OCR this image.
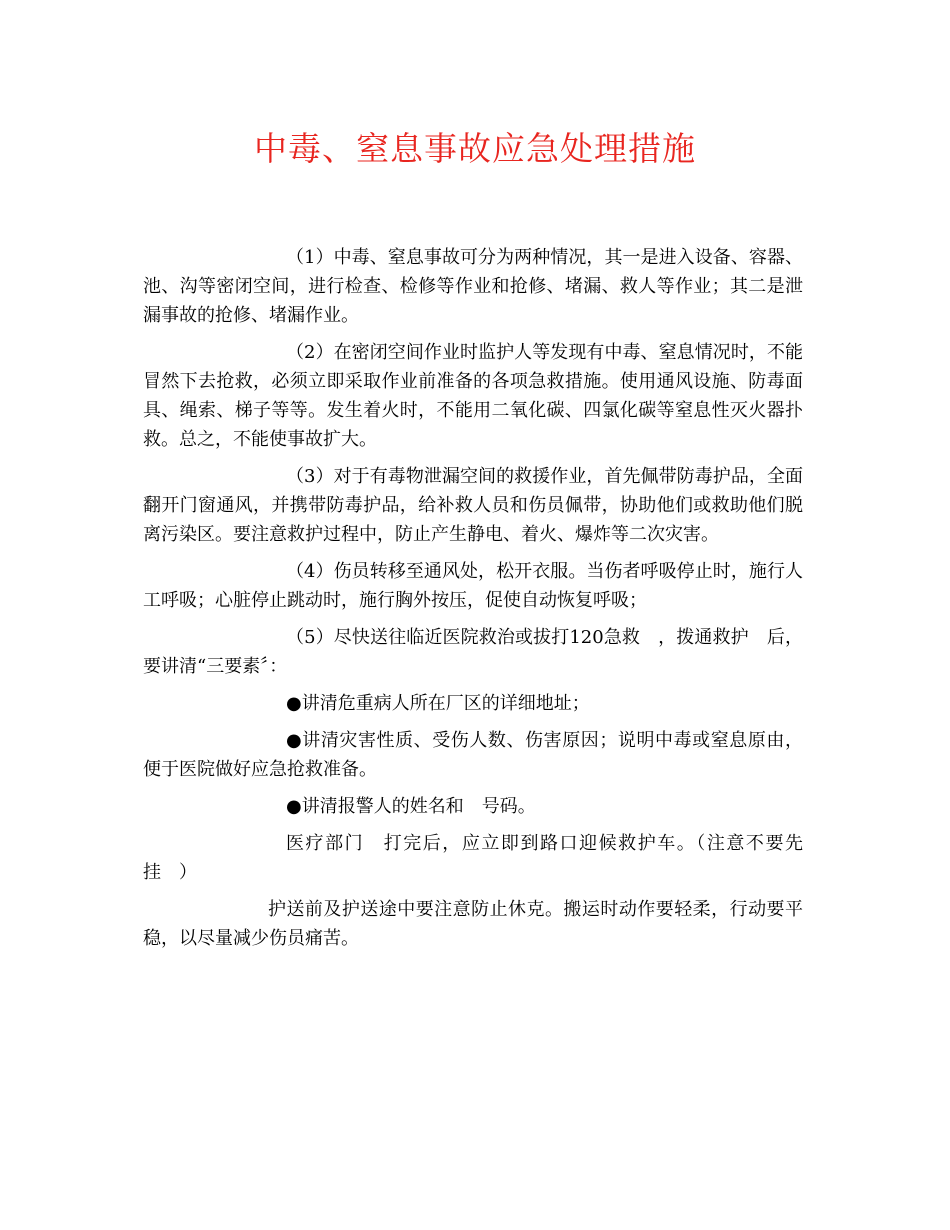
中毒、窒息事故应急处理措施

（1）中毒、窒息事故可分为两种情况，其一是进入设备、容器、池、沟等密闭空间，进行检查、检修等作业和抢修、堵漏、救人等作业；其二是泄漏事故的抢修、堵漏作业。

（2）在密闭空间作业时监护人等发现有中毒、窒息情况时，不能冒然下去抢救，必须立即采取作业前准备的各项急救措施。使用通风设施、防毒面具、绳索、梯子等等。发生着火时，不能用二氧化碳、四氯化碳等窒息性灭火器扑救。总之，不能使事故扩大。

（3）对于有毒物泄漏空间的救援作业，首先佩带防毒护品，全面翻开门窗通风，并携带防毒护品，给补救人员和伤员佩带，协助他们或救助他们脱离污染区。要注意救护过程中，防止产生静电、着火、爆炸等二次灾害。

（4）伤员转移至通风处，松开衣服。当伤者呼吸停止时，施行人工呼吸；心脏停止跳动时，施行胸外按压，促使自动恢复呼吸；

（5）尽快送往临近医院救治或拔打120急救　，拨通救护　后，要讲清“三要素〞：

●讲清危重病人所在厂区的详细地址；

●讲清灾害性质、受伤人数、伤害原因；说明中毒或窒息原由，便于医院做好应急抢救准备。

●讲清报警人的姓名和　号码。

医疗部门　打完后，应立即到路口迎候救护车。（注意不要先挂　）

护送前及护送途中要注意防止休克。搬运时动作要轻柔，行动要平稳，以尽量减少伤员痛苦。
